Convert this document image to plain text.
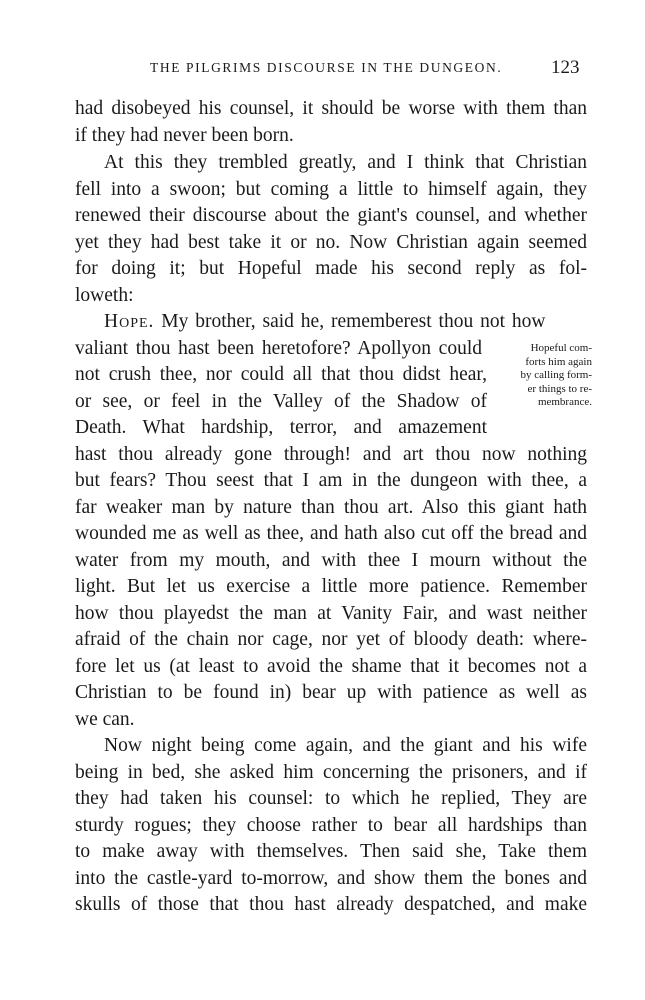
THE PILGRIMS DISCOURSE IN THE DUNGEON.	123
had disobeyed his counsel, it should be worse with them than
if they had never been born.
At this they trembled greatly, and I think that Christian
fell into a swoon; but coming a little to himself again, they
renewed their discourse about the giant's counsel, and whether
yet they had best take it or no. Now Christian again seemed
for doing it; but Hopeful made his second reply as fol-
loweth:
Hope. My brother, said he, rememberest thou not how
valiant thou hast been heretofore? Apollyon could
not crush thee, nor could all that thou didst hear,
or see, or feel in the Valley of the Shadow of
Death. What hardship, terror, and amazement
hast thou already gone through! and art thou now nothing
but fears? Thou seest that I am in the dungeon with thee, a
far weaker man by nature than thou art. Also this giant hath
wounded me as well as thee, and hath also cut off the bread and
water from my mouth, and with thee I mourn without the
light. But let us exercise a little more patience. Remember
how thou playedst the man at Vanity Fair, and wast neither
afraid of the chain nor cage, nor yet of bloody death: where-
fore let us (at least to avoid the shame that it becomes not a
Christian to be found in) bear up with patience as well as
we can.
Now night being come again, and the giant and his wife
being in bed, she asked him concerning the prisoners, and if
they had taken his counsel: to which he replied, They are
sturdy rogues; they choose rather to bear all hardships than
to make away with themselves. Then said she, Take them
into the castle-yard to-morrow, and show them the bones and
skulls of those that thou hast already despatched, and make
Hopeful com-
forts him again
by calling form-
er things to re-
membrance.
